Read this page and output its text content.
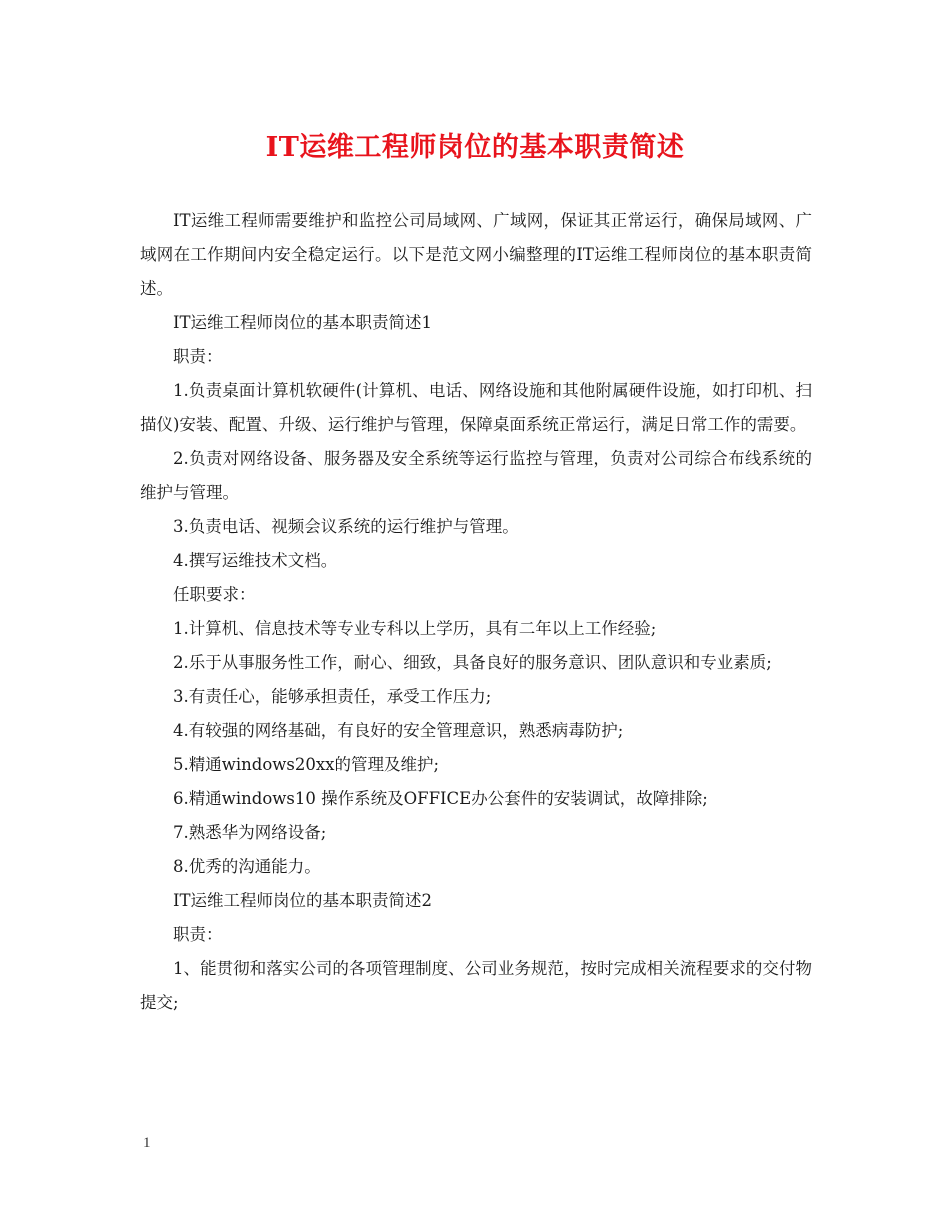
IT运维工程师岗位的基本职责简述

IT运维工程师需要维护和监控公司局域网、广域网，保证其正常运行，确保局域网、广域网在工作期间内安全稳定运行。以下是范文网小编整理的IT运维工程师岗位的基本职责简述。

IT运维工程师岗位的基本职责简述1

职责：

1.负责桌面计算机软硬件(计算机、电话、网络设施和其他附属硬件设施，如打印机、扫描仪)安装、配置、升级、运行维护与管理，保障桌面系统正常运行，满足日常工作的需要。

2.负责对网络设备、服务器及安全系统等运行监控与管理，负责对公司综合布线系统的维护与管理。

3.负责电话、视频会议系统的运行维护与管理。

4.撰写运维技术文档。

任职要求：

1.计算机、信息技术等专业专科以上学历，具有二年以上工作经验;

2.乐于从事服务性工作，耐心、细致，具备良好的服务意识、团队意识和专业素质;

3.有责任心，能够承担责任，承受工作压力;

4.有较强的网络基础，有良好的安全管理意识，熟悉病毒防护;

5.精通windows20xx的管理及维护;

6.精通windows10 操作系统及OFFICE办公套件的安装调试，故障排除;

7.熟悉华为网络设备;

8.优秀的沟通能力。

IT运维工程师岗位的基本职责简述2

职责：

1、能贯彻和落实公司的各项管理制度、公司业务规范，按时完成相关流程要求的交付物提交;

1
